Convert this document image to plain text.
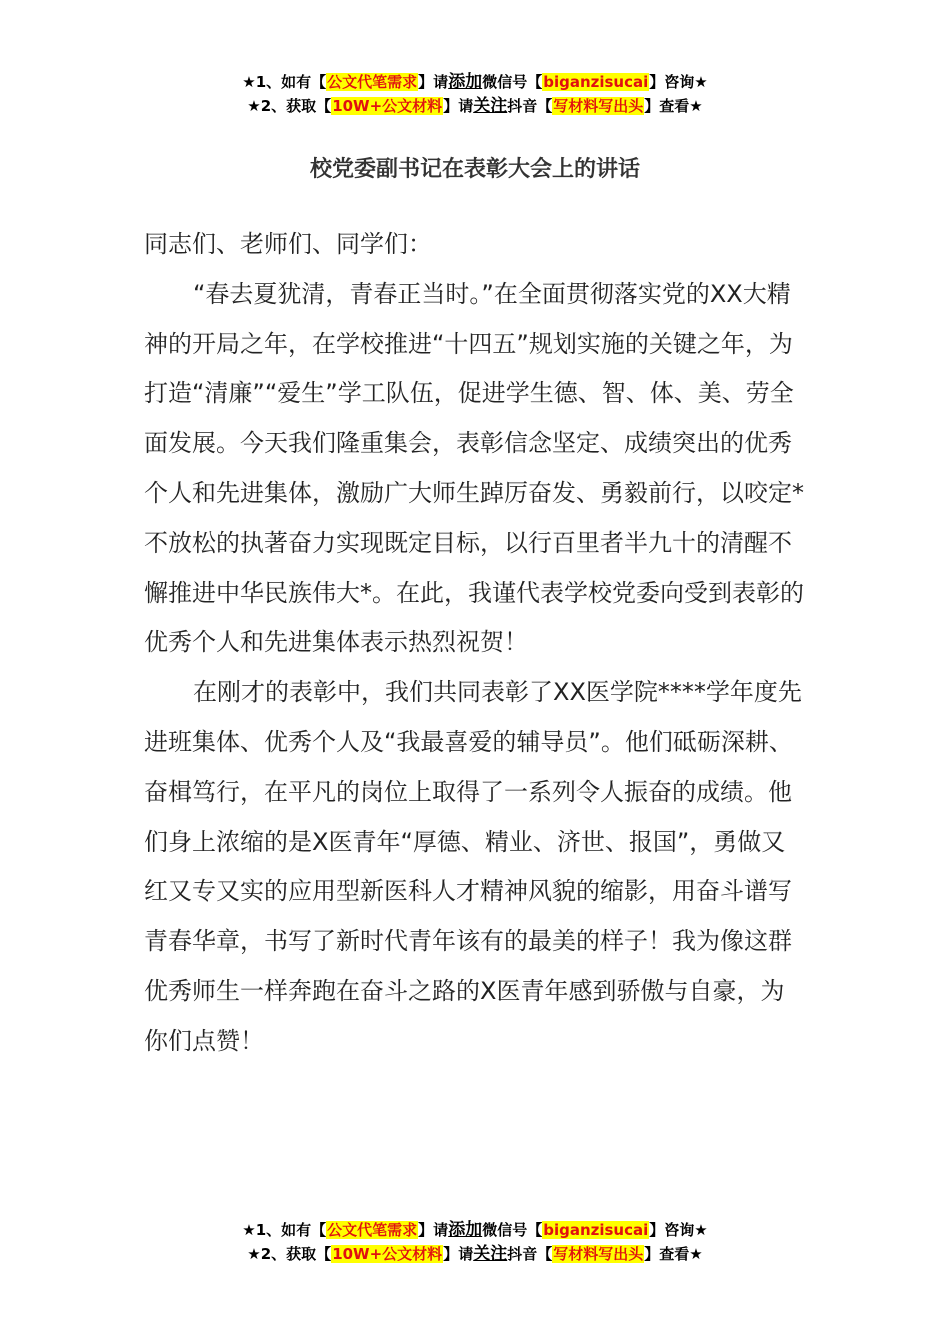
★1、如有【公文代笔需求】请添加微信号【biganzisucai】咨询★
★2、获取【10W+公文材料】请关注抖音【写材料写出头】查看★
校党委副书记在表彰大会上的讲话

同志们、老师们、同学们：

“春去夏犹清，青春正当时。”在全面贯彻落实党的XX大精神的开局之年，在学校推进“十四五”规划实施的关键之年，为打造“清廉”“爱生”学工队伍，促进学生德、智、体、美、劳全面发展。今天我们隆重集会，表彰信念坚定、成绩突出的优秀个人和先进集体，激励广大师生踔厉奋发、勇毅前行，以咬定*不放松的执著奋力实现既定目标，以行百里者半九十的清醒不懈推进中华民族伟大*。在此，我谨代表学校党委向受到表彰的优秀个人和先进集体表示热烈祝贺！

在刚才的表彰中，我们共同表彰了XX医学院****学年度先进班集体、优秀个人及“我最喜爱的辅导员”。他们砥砺深耕、奋楫笃行，在平凡的岗位上取得了一系列令人振奋的成绩。他们身上浓缩的是X医青年“厚德、精业、济世、报国”，勇做又红又专又实的应用型新医科人才精神风貌的缩影，用奋斗谱写青春华章，书写了新时代青年该有的最美的样子！我为像这群优秀师生一样奔跑在奋斗之路的X医青年感到骄傲与自豪，为你们点赞！

★1、如有【公文代笔需求】请添加微信号【biganzisucai】咨询★
★2、获取【10W+公文材料】请关注抖音【写材料写出头】查看★
